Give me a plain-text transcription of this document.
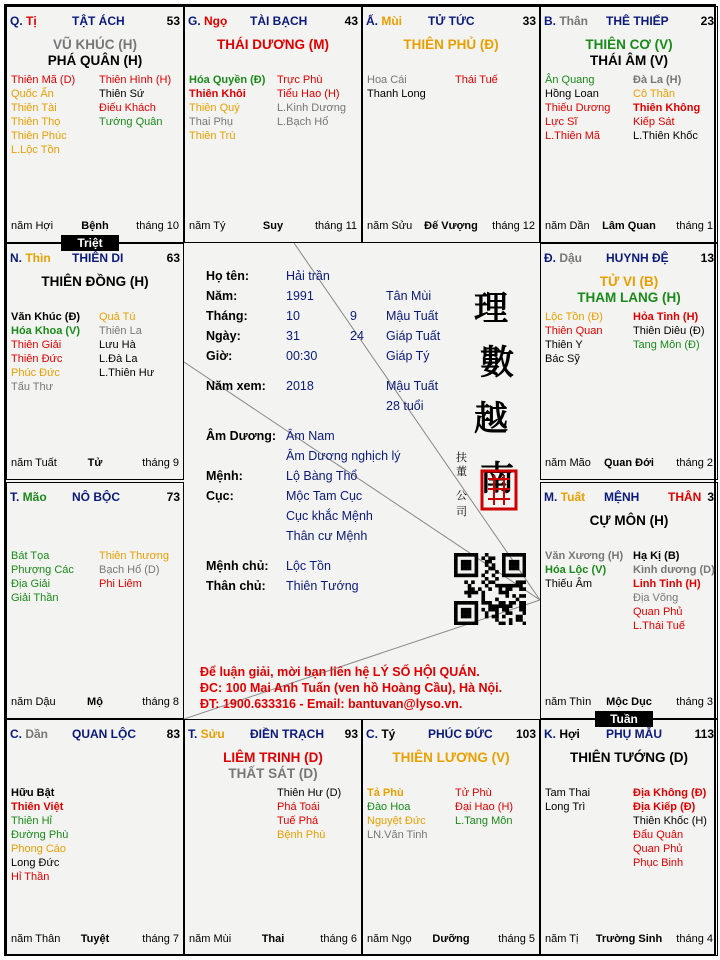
Q. Tị	TẬT ÁCH	53
VŨ KHÚC (H)
PHÁ QUÂN (H)
Thiên Mã (D)
Quốc Ấn
Thiên Tài
Thiên Thọ
Thiên Phúc
L.Lộc Tồn
Thiên Hình (H)
Thiên Sứ
Điếu Khách
Tướng Quân
năm Hợi	Bệnh	tháng 10
G. Ngọ TÀI BẠCH	43
THÁI DƯƠNG (M)
Hóa Quyền (Đ)
Thiên Khôi
Thiên Quý
Thai Phụ
Thiên Trù
Trực Phù
Tiểu Hao (H)
L.Kinh Dương
L.Bạch Hổ
năm Tý	Suy	tháng 11
Ấ. Mùi TỬ TỨC	33
THIÊN PHỦ (Đ)
Hoa Cái
Thanh Long
Thái Tuế
năm Sửu	Đế Vượng	tháng 12
B. Thân THÊ THIẾP	23
THIÊN CƠ (V)
THÁI ÂM (V)
Ân Quang
Hồng Loan
Thiếu Dương
Lực Sĩ
L.Thiên Mã
Đà La (H)
Cô Thần
Thiên Không
Kiếp Sát
L.Thiên Khốc
năm Dần	Lâm Quan	tháng 1
N. Thìn THIÊN DI	63
THIÊN ĐỒNG (H)
Văn Khúc (Đ)
Hóa Khoa (V)
Thiên Giải
Thiên Đức
Phúc Đức
Tấu Thư
Quả Tú
Thiên La
Lưu Hà
L.Đà La
L.Thiên Hư
năm Tuất	Tử	tháng 9
Đ. Dậu HUYNH ĐỆ	13
TỬ VI (B)
THAM LANG (H)
Lộc Tồn (Đ)
Thiên Quan
Thiên Y
Bác Sỹ
Hỏa Tinh (H)
Thiên Diêu (Đ)
Tang Môn (Đ)
năm Mão	Quan Đới	tháng 2
T. Mão NÔ BỘC	73
Bát Tọa
Phượng Các
Địa Giải
Giải Thần
Thiên Thương
Bạch Hổ (D)
Phi Liêm
năm Dậu	Mộ	tháng 8
M. Tuất MỆNH THÂN 3
CỰ MÔN (H)
Văn Xương (H)
Hóa Lộc (V)
Thiếu Âm
Hạ Kị (B)
Kình dương (D)
Linh Tinh (H)
Địa Võng
Quan Phủ
L.Thái Tuế
năm Thìn	Mộc Dục	tháng 3
C. Dần QUAN LỘC	83
Hữu Bật
Thiên Việt
Thiên Hỉ
Đường Phù
Phong Cáo
Long Đức
Hỉ Thần
năm Thân	Tuyệt	tháng 7
T. Sửu ĐIỀN TRẠCH 93
LIÊM TRINH (D)
THẤT SÁT (D)
Thiên Hư (D)
Phá Toái
Tuế Phá
Bệnh Phù
năm Mùi	Thai	tháng 6
C. Tý	PHÚC ĐỨC 103
THIÊN LƯƠNG (V)
Tả Phù
Đào Hoa
Nguyệt Đức
LN.Văn Tinh
Tử Phù
Đại Hao (H)
L.Tang Môn
năm Ngọ	Dưỡng	tháng 5
K. Hợi PHỤ MẪU	113
THIÊN TƯỚNG (D)
Tam Thai
Long Trì
Địa Không (Đ)
Địa Kiếp (Đ)
Thiên Khốc (H)
Đẩu Quân
Quan Phủ
Phục Binh
năm Tị	Trường Sinh	tháng 4
Triệt
Tuần
Họ tên:	Hải trần
Năm:	1991	Tân Mùi
Tháng:	10	9 Mậu Tuất
Ngày:	31	24 Giáp Tuất
Giờ:	00:30	Giáp Tý
Năm xem: 2018	Mậu Tuất
28 tuổi
Âm Dương: Âm Nam
Âm Dương nghịch lý
Mệnh:	Lộ Bàng Thổ
Cục:	Mộc Tam Cục
Cục khắc Mệnh
Thân cư Mệnh
Mệnh chủ: Lộc Tồn
Thân chủ: Thiên Tướng
理
數
越
南
扶
董
公
司
Để luận giải, mời bạn liên hệ LÝ SỐ HỘI QUÁN.
ĐC: 100 Mai Anh Tuấn (ven hồ Hoàng Cầu), Hà Nội.
ĐT: 1900.633316 - Email: bantuvan@lyso.vn.
